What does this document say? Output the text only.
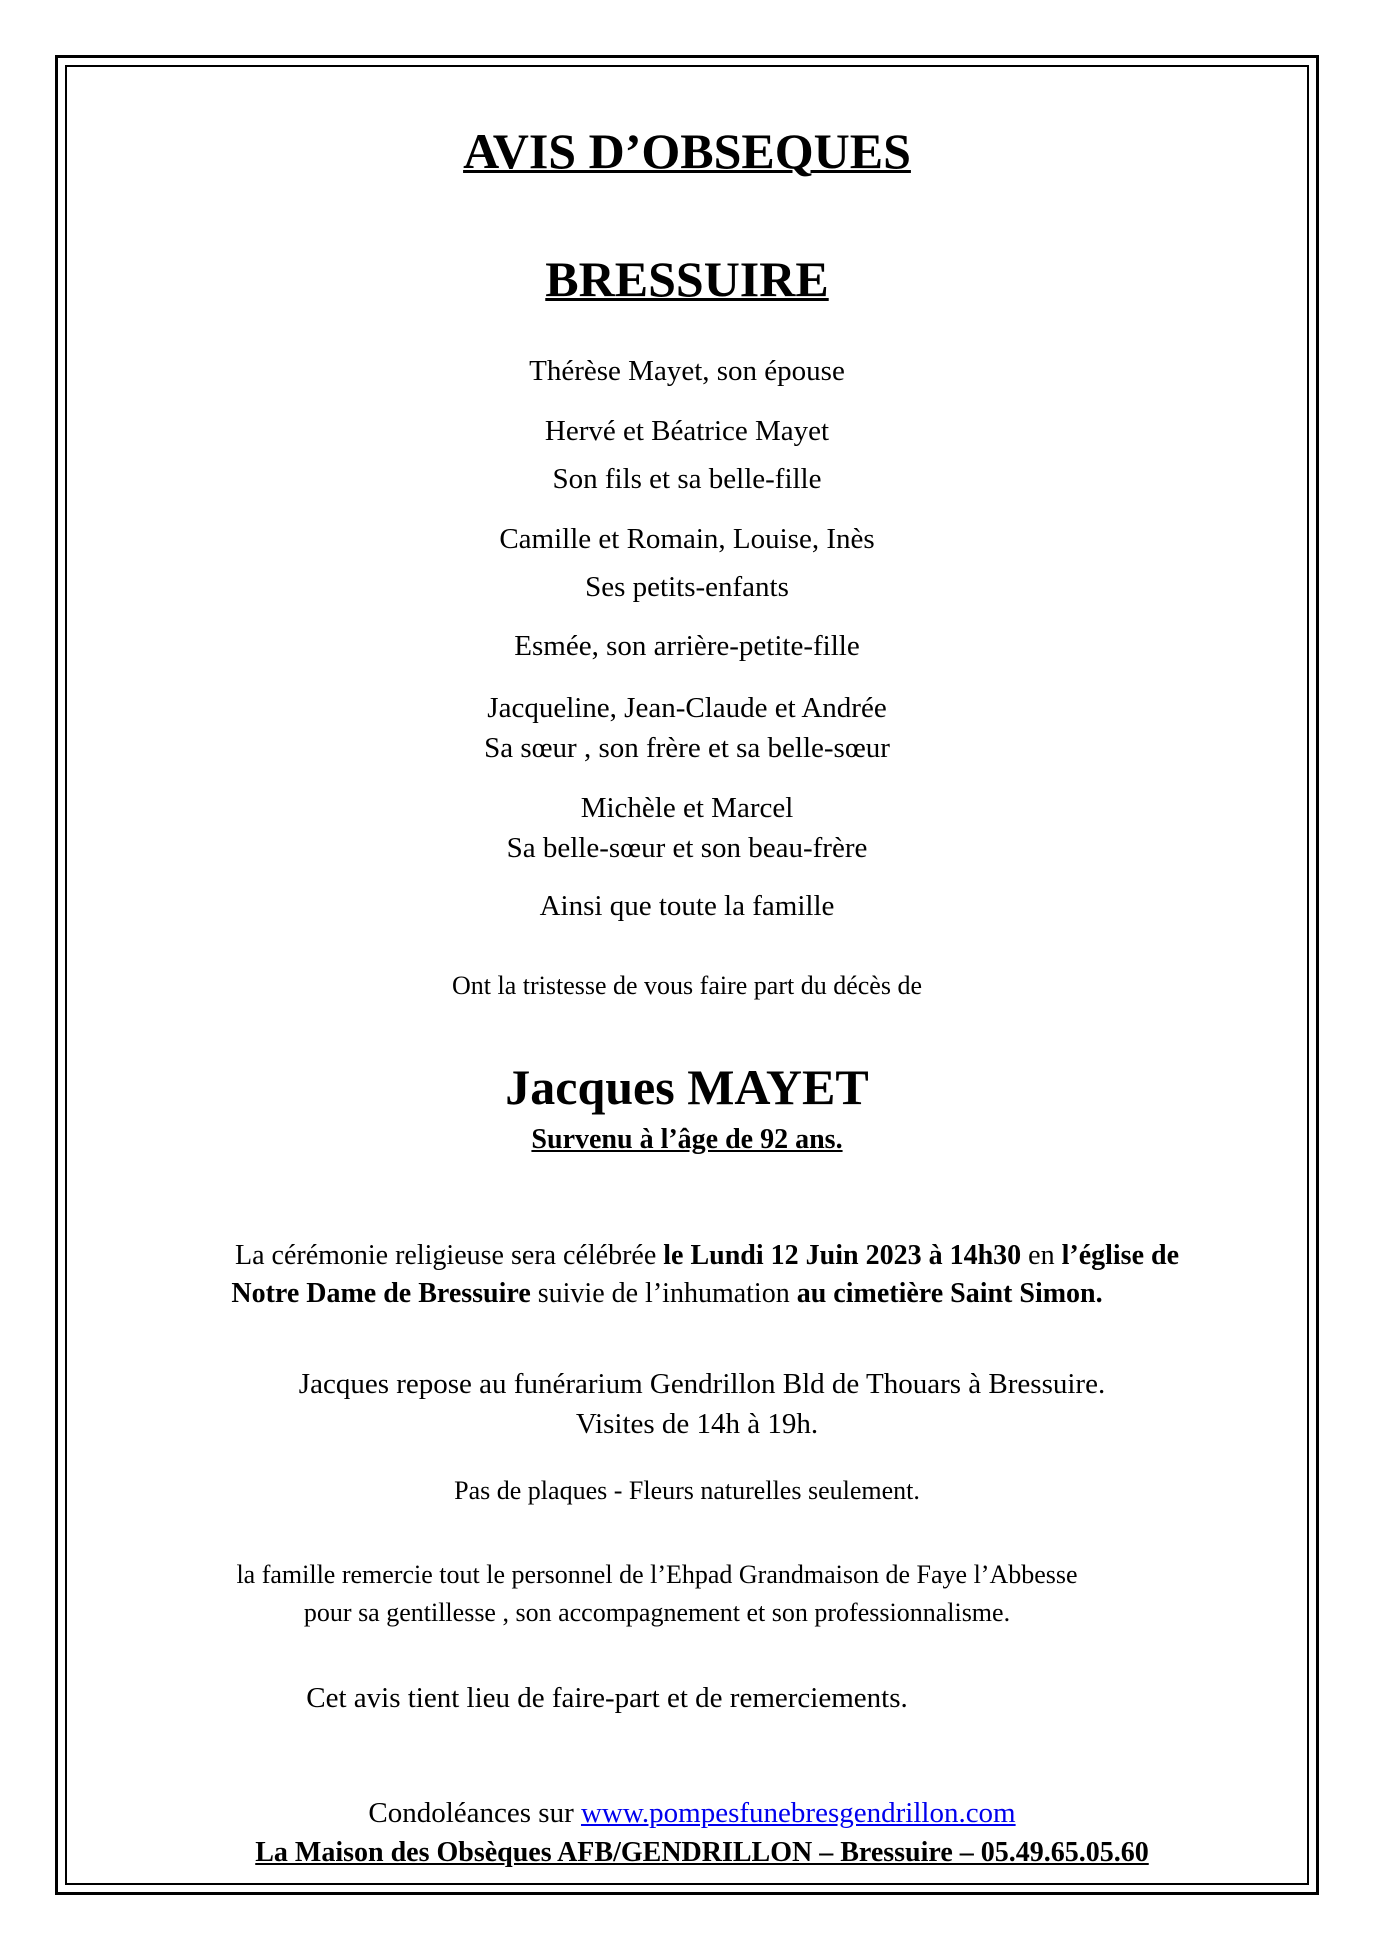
AVIS D’OBSEQUES
BRESSUIRE
Thérèse Mayet, son épouse
Hervé et Béatrice Mayet
Son fils et sa belle-fille
Camille et Romain, Louise, Inès
Ses petits-enfants
Esmée, son arrière-petite-fille
Jacqueline, Jean-Claude et Andrée
Sa sœur , son frère et sa belle-sœur
Michèle et Marcel
Sa belle-sœur et son beau-frère
Ainsi que toute la famille
Ont la tristesse de vous faire part du décès de
Jacques MAYET
Survenu à l’âge de 92 ans.
La cérémonie religieuse sera célébrée le Lundi 12 Juin 2023 à 14h30 en l’église de
Notre Dame de Bressuire suivie de l’inhumation au cimetière Saint Simon.
Jacques repose au funérarium Gendrillon Bld de Thouars à Bressuire.
Visites de 14h à 19h.
Pas de plaques - Fleurs naturelles seulement.
la famille remercie tout le personnel de l’Ehpad Grandmaison de Faye l’Abbesse
pour sa gentillesse , son accompagnement et son professionnalisme.
Cet avis tient lieu de faire-part et de remerciements.
Condoléances sur www.pompesfunebresgendrillon.com
La Maison des Obsèques AFB/GENDRILLON – Bressuire – 05.49.65.05.60
